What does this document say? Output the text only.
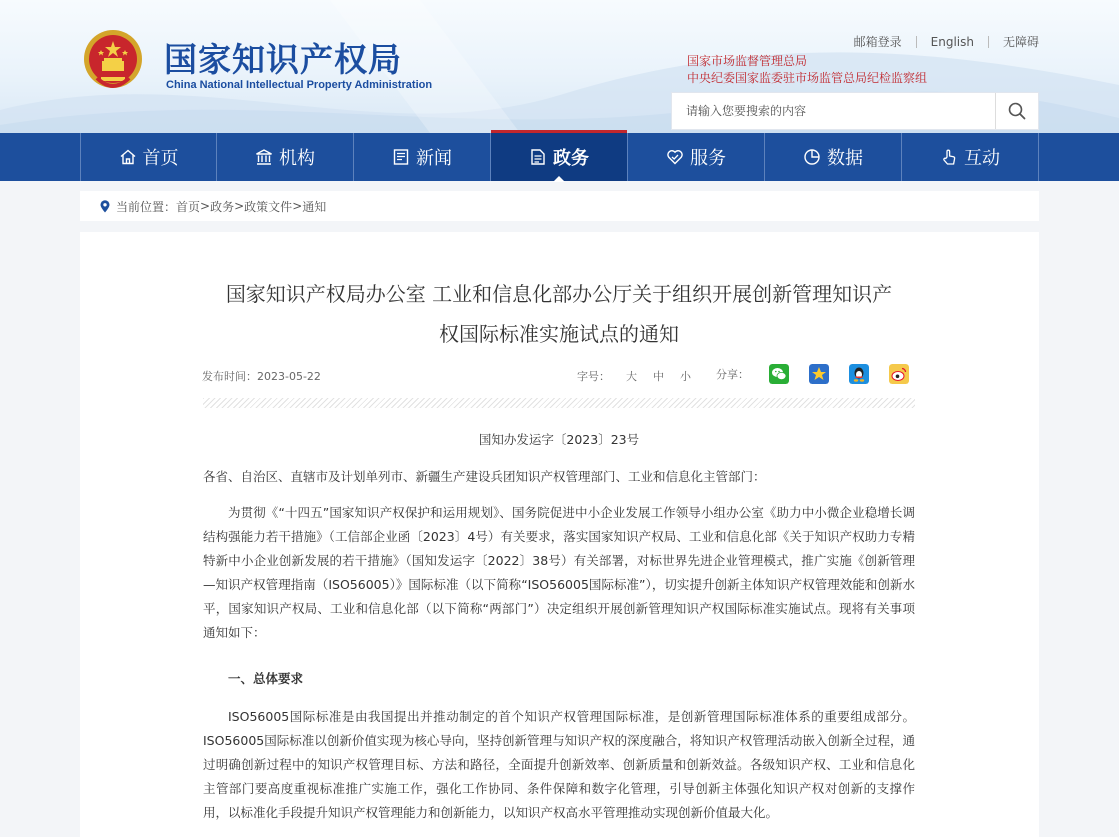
国家知识产权局
China National Intellectual Property Administration
邮箱登录	English	无障碍
国家市场监督管理总局
中央纪委国家监委驻市场监管总局纪检监察组
请输入您要搜索的内容
首页	机构	新闻	政务	服务	数据	互动
当前位置： 首页 > 政务 > 政策文件 > 通知
国家知识产权局办公室 工业和信息化部办公厅关于组织开展创新管理知识产
权国际标准实施试点的通知
发布时间：2023-05-22	字号： 大 中 小 分享：
国知办发运字〔2023〕23号
各省、自治区、直辖市及计划单列市、新疆生产建设兵团知识产权管理部门、工业和信息化主管部门：
为贯彻《“十四五”国家知识产权保护和运用规划》、国务院促进中小企业发展工作领导小组办公室《助力中小微企业稳增长调结构强能力若干措施》（工信部企业函〔2023〕4号）有关要求，落实国家知识产权局、工业和信息化部《关于知识产权助力专精特新中小企业创新发展的若干措施》（国知发运字〔2022〕38号）有关部署，对标世界先进企业管理模式，推广实施《创新管理—知识产权管理指南（ISO56005）》国际标准（以下简称“ISO56005国际标准”），切实提升创新主体知识产权管理效能和创新水平，国家知识产权局、工业和信息化部（以下简称“两部门”）决定组织开展创新管理知识产权国际标准实施试点。现将有关事项通知如下：
一、总体要求
ISO56005国际标准是由我国提出并推动制定的首个知识产权管理国际标准，是创新管理国际标准体系的重要组成部分。ISO56005国际标准以创新价值实现为核心导向，坚持创新管理与知识产权的深度融合，将知识产权管理活动嵌入创新全过程，通过明确创新过程中的知识产权管理目标、方法和路径，全面提升创新效率、创新质量和创新效益。各级知识产权、工业和信息化主管部门要高度重视标准推广实施工作，强化工作协同、条件保障和数字化管理，引导创新主体强化知识产权对创新的支撑作用，以标准化手段提升知识产权管理能力和创新能力，以知识产权高水平管理推动实现创新价值最大化。
